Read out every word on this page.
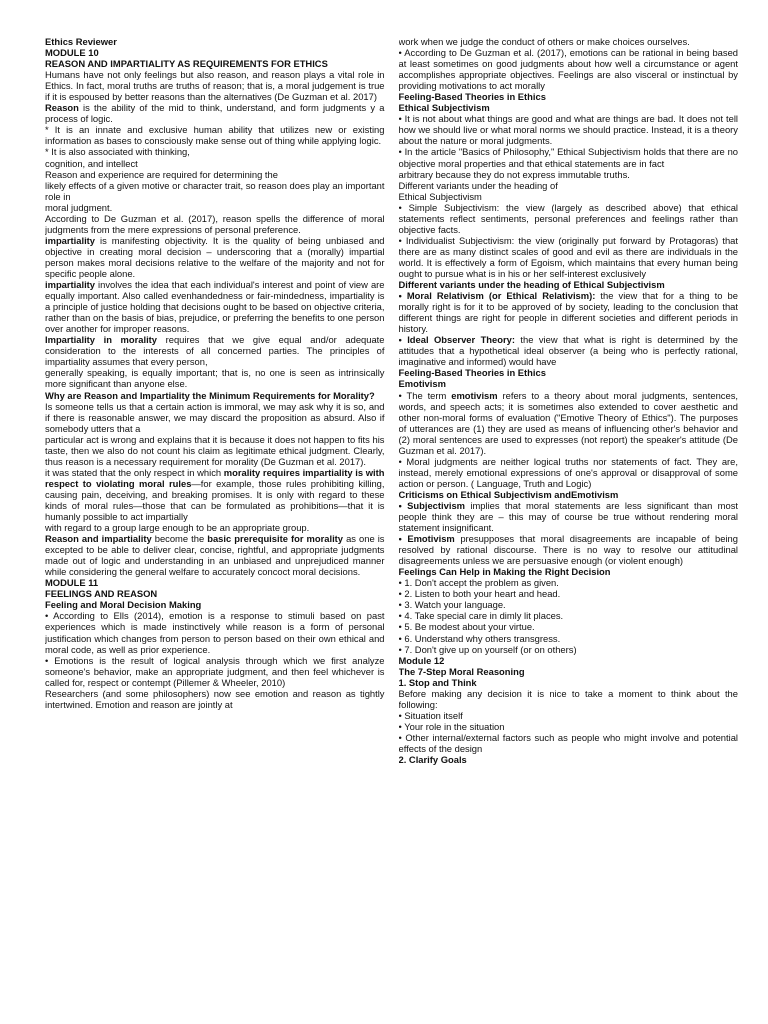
Ethics Reviewer

MODULE 10

REASON AND IMPARTIALITY AS REQUIREMENTS FOR ETHICS

Humans have not only feelings but also reason, and reason plays a vital role in Ethics. In fact, moral truths are truths of reason; that is, a moral judgement is true if it is espoused by better reasons than the alternatives (De Guzman et al. 2017)

Reason is the ability of the mid to think, understand, and form judgments y a process of logic.

* It is an innate and exclusive human ability that utilizes new or existing information as bases to consciously make sense out of thing while applying logic.

* It is also associated with thinking,

cognition, and intellect

Reason and experience are required for determining the

likely effects of a given motive or character trait, so reason does play an important role in

moral judgment.

According to De Guzman et al. (2017), reason spells the difference of moral judgments from the mere expressions of personal preference.

impartiality is manifesting objectivity. It is the quality of being unbiased and objective in creating moral decision – underscoring that a (morally) impartial person makes moral decisions relative to the welfare of the majority and not for specific people alone.

impartiality involves the idea that each individual's interest and point of view are equally important. Also called evenhandedness or fair-mindedness, impartiality is a principle of justice holding that decisions ought to be based on objective criteria, rather than on the basis of bias, prejudice, or preferring the benefits to one person over another for improper reasons.

Impartiality in morality requires that we give equal and/or adequate consideration to the interests of all concerned parties. The principles of impartiality assumes that every person,

generally speaking, is equally important; that is, no one is seen as intrinsically more significant than anyone else.

Why are Reason and Impartiality the Minimum Requirements for Morality?

Is someone tells us that a certain action is immoral, we may ask why it is so, and if there is reasonable answer, we may discard the proposition as absurd. Also if somebody utters that a

particular act is wrong and explains that it is because it does not happen to fits his taste, then we also do not count his claim as legitimate ethical judgment. Clearly, thus reason is a necessary requirement for morality (De Guzman et al. 2017).

it was stated that the only respect in which morality requires impartiality is with respect to violating moral rules—for example, those rules prohibiting killing, causing pain, deceiving, and breaking promises. It is only with regard to these kinds of moral rules—those that can be formulated as prohibitions—that it is humanly possible to act impartially

with regard to a group large enough to be an appropriate group.

Reason and impartiality become the basic prerequisite for morality as one is excepted to be able to deliver clear, concise, rightful, and appropriate judgments made out of logic and understanding in an unbiased and unprejudiced manner while considering the general welfare to accurately concoct moral decisions.

MODULE 11

FEELINGS AND REASON

Feeling and Moral Decision Making

• According to Ells (2014), emotion is a response to stimuli based on past experiences which is made instinctively while reason is a form of personal justification which changes from person to person based on their own ethical and moral code, as well as prior experience.

• Emotions is the result of logical analysis through which we first analyze someone's behavior, make an appropriate judgment, and then feel whichever is called for, respect or contempt (Pillemer & Wheeler, 2010)

Researchers (and some philosophers) now see emotion and reason as tightly intertwined. Emotion and reason are jointly at

work when we judge the conduct of others or make choices ourselves.

• According to De Guzman et al. (2017), emotions can be rational in being based at least sometimes on good judgments about how well a circumstance or agent accomplishes appropriate objectives. Feelings are also visceral or instinctual by providing motivations to act morally

Feeling-Based Theories in Ethics

Ethical Subjectivism

• It is not about what things are good and what are things are bad. It does not tell how we should live or what moral norms we should practice. Instead, it is a theory about the nature or moral judgments.

• In the article "Basics of Philosophy," Ethical Subjectivism holds that there are no objective moral properties and that ethical statements are in fact

arbitrary because they do not express immutable truths.

Different variants under the heading of

Ethical Subjectivism

• Simple Subjectivism: the view (largely as described above) that ethical statements reflect sentiments, personal preferences and feelings rather than objective facts.

• Individualist Subjectivism: the view (originally put forward by Protagoras) that there are as many distinct scales of good and evil as there are individuals in the world. It is effectively a form of Egoism, which maintains that every human being ought to pursue what is in his or her self-interest exclusively

Different variants under the heading of Ethical Subjectivism

• Moral Relativism (or Ethical Relativism): the view that for a thing to be morally right is for it to be approved of by society, leading to the conclusion that different things are right for people in different societies and different periods in history.

• Ideal Observer Theory: the view that what is right is determined by the attitudes that a hypothetical ideal observer (a being who is perfectly rational, imaginative and informed) would have

Feeling-Based Theories in Ethics

Emotivism

• The term emotivism refers to a theory about moral judgments, sentences, words, and speech acts; it is sometimes also extended to cover aesthetic and other non-moral forms of evaluation ("Emotive Theory of Ethics"). The purposes of utterances are (1) they are used as means of influencing other's behavior and (2) moral sentences are used to expresses (not report) the speaker's attitude (De Guzman et al. 2017).

• Moral judgments are neither logical truths nor statements of fact. They are, instead, merely emotional expressions of one's approval or disapproval of some action or person. ( Language, Truth and Logic)

Criticisms on Ethical Subjectivism andEmotivism

• Subjectivism implies that moral statements are less significant than most people think they are – this may of course be true without rendering moral statement insignificant.

• Emotivism presupposes that moral disagreements are incapable of being resolved by rational discourse. There is no way to resolve our attitudinal disagreements unless we are persuasive enough (or violent enough)

Feelings Can Help in Making the Right Decision

• 1. Don't accept the problem as given.

• 2. Listen to both your heart and head.

• 3. Watch your language.

• 4. Take special care in dimly lit places.

• 5. Be modest about your virtue.

• 6. Understand why others transgress.

• 7. Don't give up on yourself (or on others)

Module 12

The 7-Step Moral Reasoning

1. Stop and Think

Before making any decision it is nice to take a moment to think about the following:

• Situation itself

• Your role in the situation

• Other internal/external factors such as people who might involve and potential effects of the design

2. Clarify Goals
